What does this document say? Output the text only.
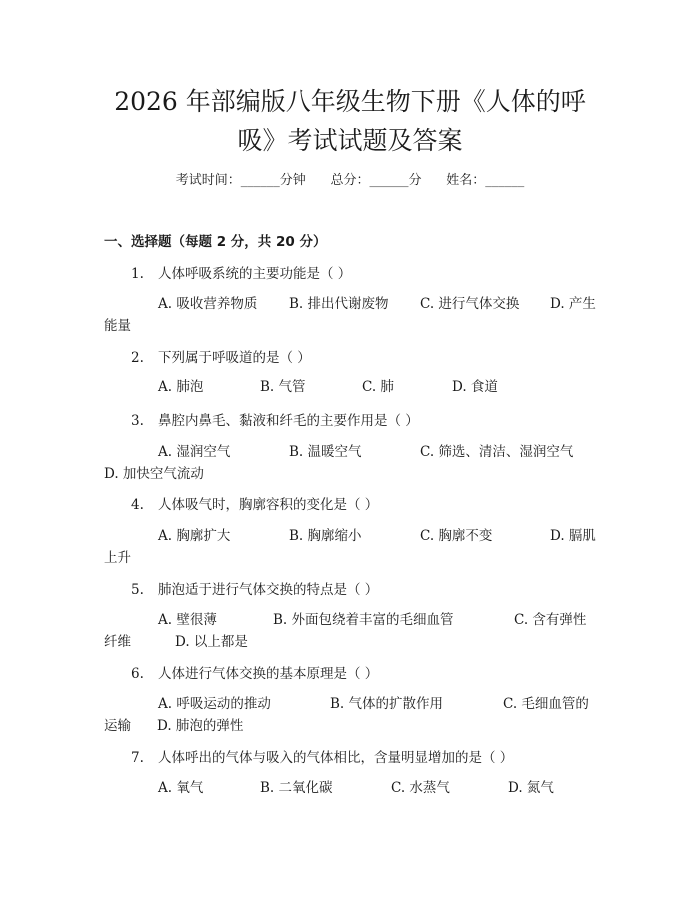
2026 年部编版八年级生物下册《人体的呼
吸》考试试题及答案
考试时间：______分钟      总分：______分      姓名：______
一、选择题（每题 2 分，共 20 分）
1. 人体呼吸系统的主要功能是（ ）
A. 吸收营养物质 B. 排出代谢废物 C. 进行气体交换 D. 产生
能量
2. 下列属于呼吸道的是（ ）
A. 肺泡	B. 气管	C. 肺	D. 食道
3. 鼻腔内鼻毛、黏液和纤毛的主要作用是（ ）
A. 湿润空气	B. 温暖空气	C. 筛选、清洁、湿润空气
D. 加快空气流动
4. 人体吸气时，胸廓容积的变化是（ ）
A. 胸廓扩大	B. 胸廓缩小	C. 胸廓不变	D. 膈肌
上升
5. 肺泡适于进行气体交换的特点是（ ）
A. 壁很薄	B. 外面包绕着丰富的毛细血管	C. 含有弹性
纤维	D. 以上都是
6. 人体进行气体交换的基本原理是（ ）
A. 呼吸运动的推动	B. 气体的扩散作用	C. 毛细血管的
运输 D. 肺泡的弹性
7. 人体呼出的气体与吸入的气体相比，含量明显增加的是（ ）
A. 氧气	B. 二氧化碳	C. 水蒸气	D. 氮气
